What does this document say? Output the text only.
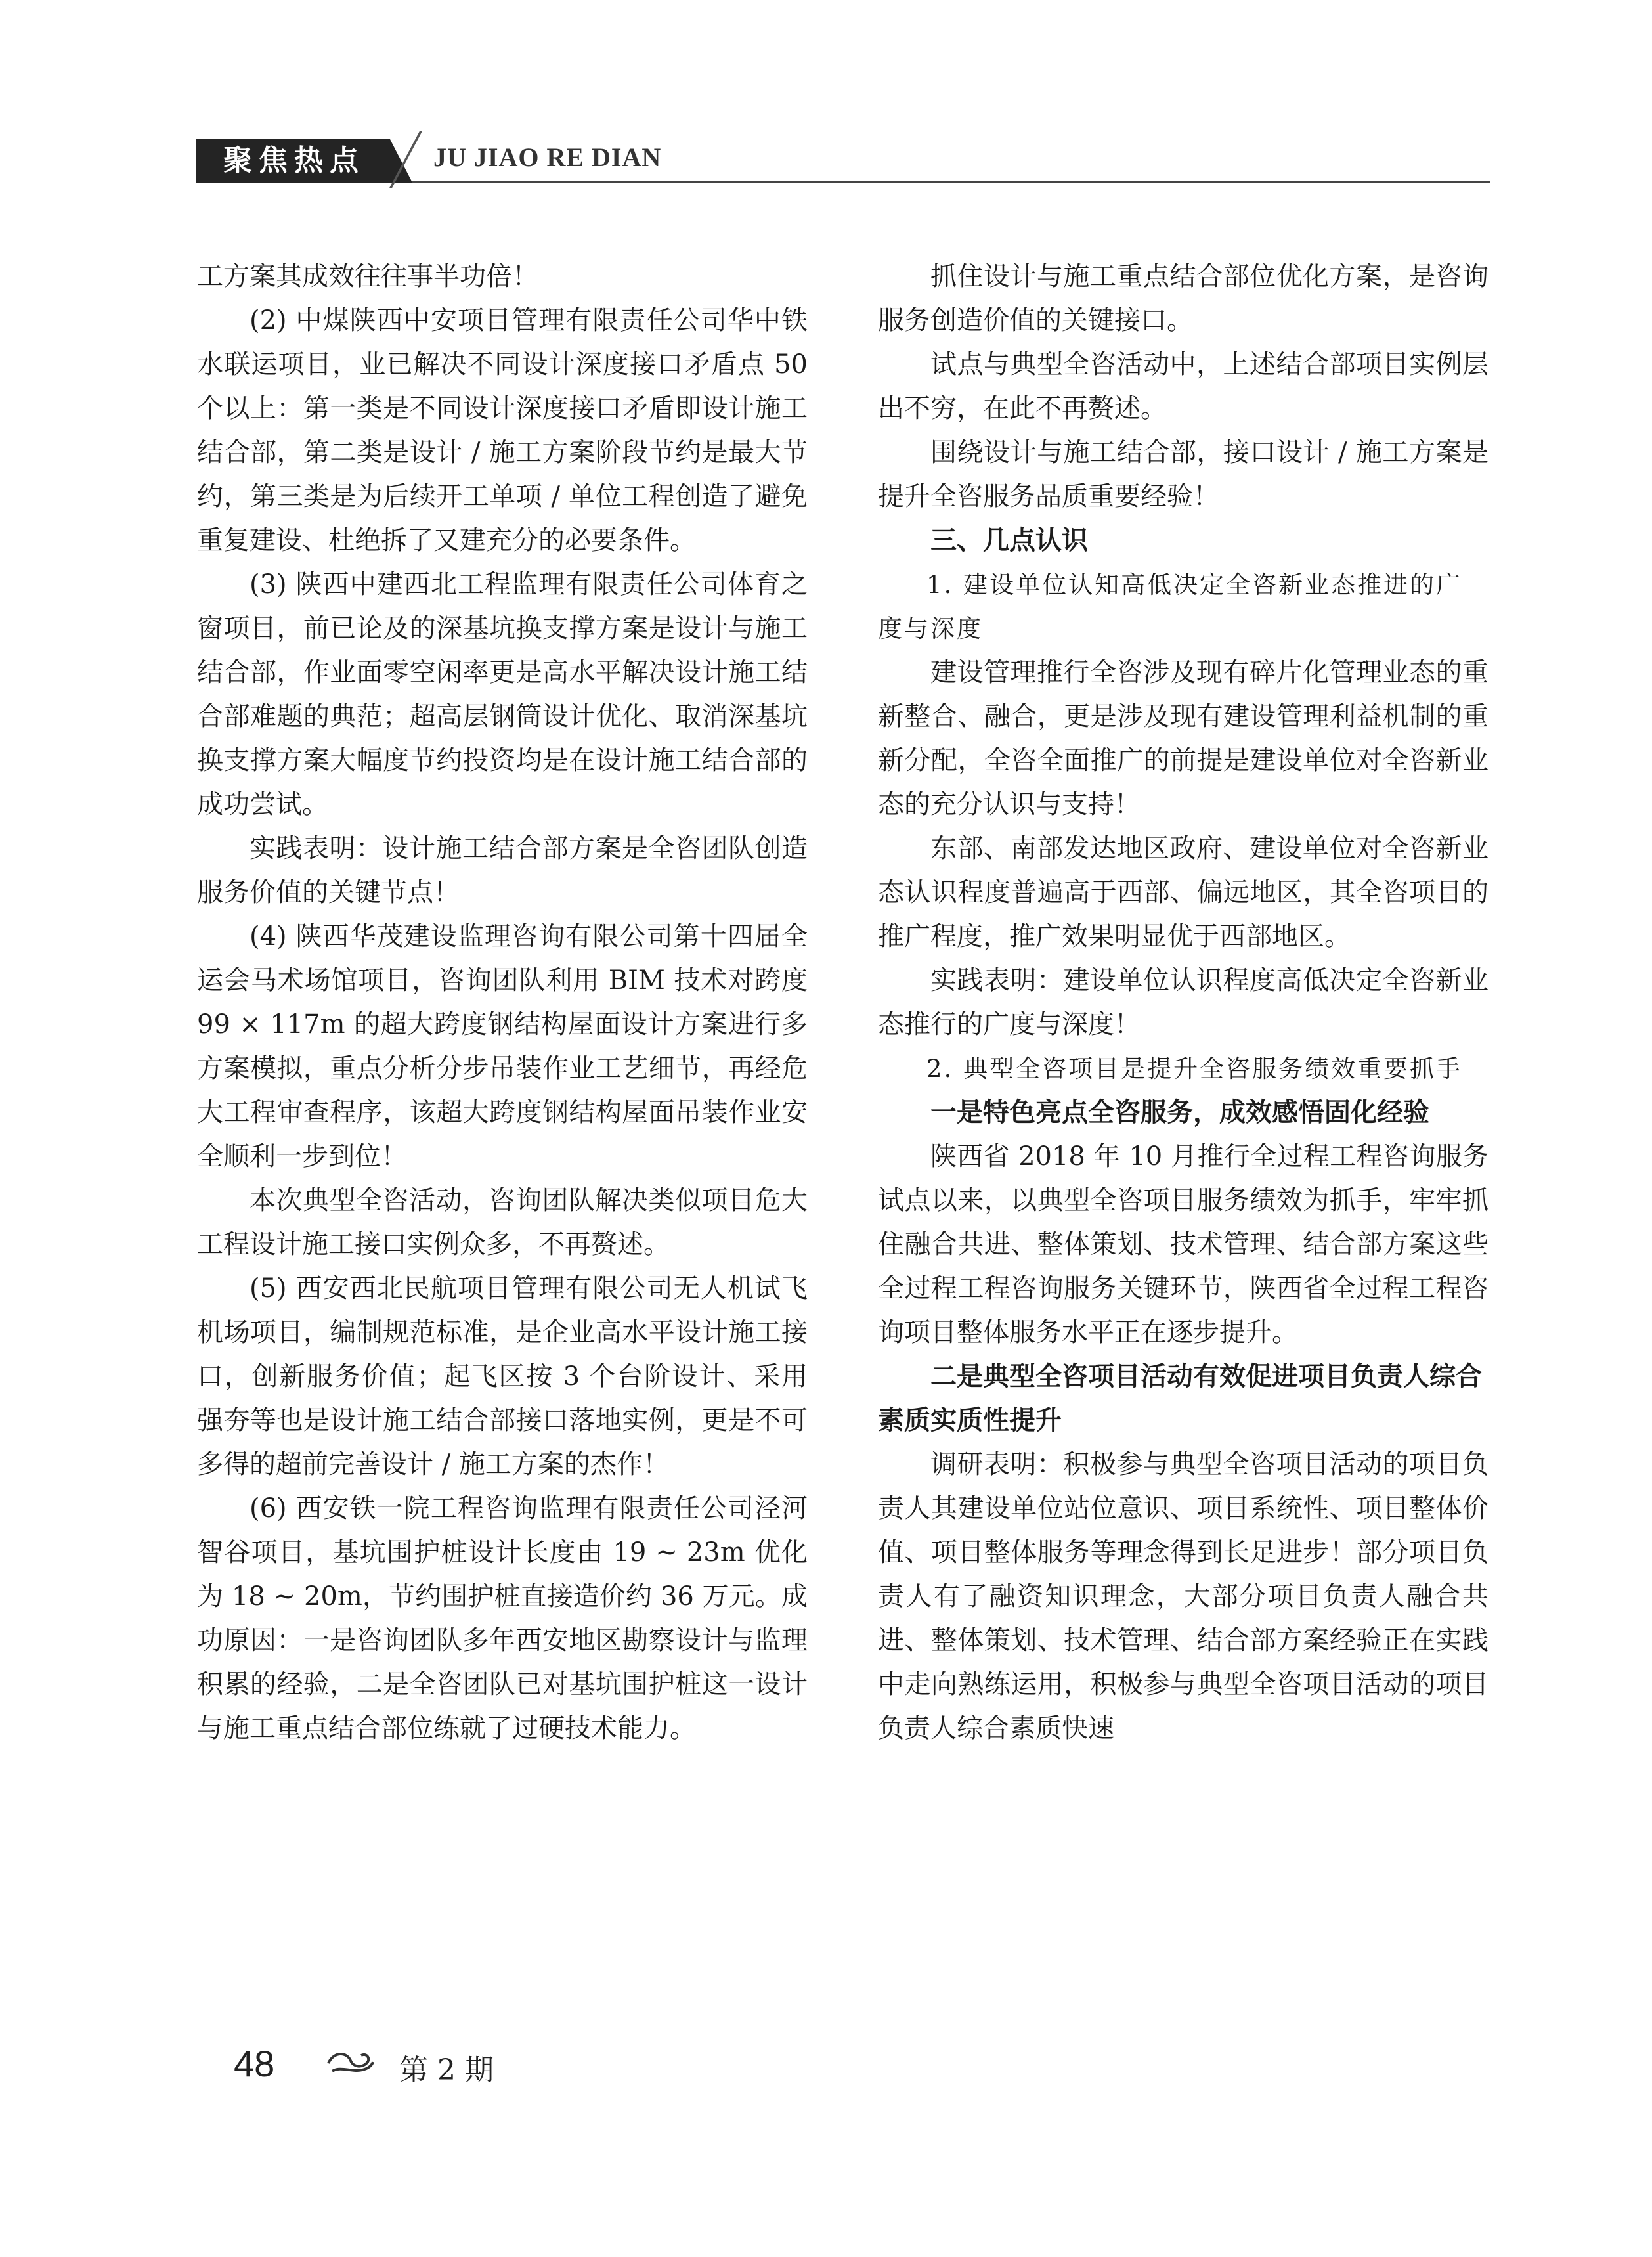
聚焦热点	JU JIAO RE DIAN

工方案其成效往往事半功倍！

(2) 中煤陕西中安项目管理有限责任公司华中铁水联运项目，业已解决不同设计深度接口矛盾点 50 个以上：第一类是不同设计深度接口矛盾即设计施工结合部，第二类是设计 / 施工方案阶段节约是最大节约，第三类是为后续开工单项 / 单位工程创造了避免重复建设、杜绝拆了又建充分的必要条件。

(3) 陕西中建西北工程监理有限责任公司体育之窗项目，前已论及的深基坑换支撑方案是设计与施工结合部，作业面零空闲率更是高水平解决设计施工结合部难题的典范；超高层钢筒设计优化、取消深基坑换支撑方案大幅度节约投资均是在设计施工结合部的成功尝试。

实践表明：设计施工结合部方案是全咨团队创造服务价值的关键节点！

(4) 陕西华茂建设监理咨询有限公司第十四届全运会马术场馆项目，咨询团队利用 BIM 技术对跨度 99 × 117m 的超大跨度钢结构屋面设计方案进行多方案模拟，重点分析分步吊装作业工艺细节，再经危大工程审查程序，该超大跨度钢结构屋面吊装作业安全顺利一步到位！

本次典型全咨活动，咨询团队解决类似项目危大工程设计施工接口实例众多，不再赘述。

(5) 西安西北民航项目管理有限公司无人机试飞机场项目，编制规范标准，是企业高水平设计施工接口，创新服务价值；起飞区按 3 个台阶设计、采用强夯等也是设计施工结合部接口落地实例，更是不可多得的超前完善设计 / 施工方案的杰作！

(6) 西安铁一院工程咨询监理有限责任公司泾河智谷项目，基坑围护桩设计长度由 19 ~ 23m 优化为 18 ~ 20m，节约围护桩直接造价约 36 万元。成功原因：一是咨询团队多年西安地区勘察设计与监理积累的经验，二是全咨团队已对基坑围护桩这一设计与施工重点结合部位练就了过硬技术能力。

抓住设计与施工重点结合部位优化方案，是咨询服务创造价值的关键接口。

试点与典型全咨活动中，上述结合部项目实例层出不穷，在此不再赘述。

围绕设计与施工结合部，接口设计 / 施工方案是提升全咨服务品质重要经验！

三、几点认识

1. 建设单位认知高低决定全咨新业态推进的广度与深度

建设管理推行全咨涉及现有碎片化管理业态的重新整合、融合，更是涉及现有建设管理利益机制的重新分配，全咨全面推广的前提是建设单位对全咨新业态的充分认识与支持！

东部、南部发达地区政府、建设单位对全咨新业态认识程度普遍高于西部、偏远地区，其全咨项目的推广程度，推广效果明显优于西部地区。

实践表明：建设单位认识程度高低决定全咨新业态推行的广度与深度！

2. 典型全咨项目是提升全咨服务绩效重要抓手

一是特色亮点全咨服务，成效感悟固化经验

陕西省 2018 年 10 月推行全过程工程咨询服务试点以来，以典型全咨项目服务绩效为抓手，牢牢抓住融合共进、整体策划、技术管理、结合部方案这些全过程工程咨询服务关键环节，陕西省全过程工程咨询项目整体服务水平正在逐步提升。

二是典型全咨项目活动有效促进项目负责人综合素质实质性提升

调研表明：积极参与典型全咨项目活动的项目负责人其建设单位站位意识、项目系统性、项目整体价值、项目整体服务等理念得到长足进步！部分项目负责人有了融资知识理念，大部分项目负责人融合共进、整体策划、技术管理、结合部方案经验正在实践中走向熟练运用，积极参与典型全咨项目活动的项目负责人综合素质快速

48	第 2 期
